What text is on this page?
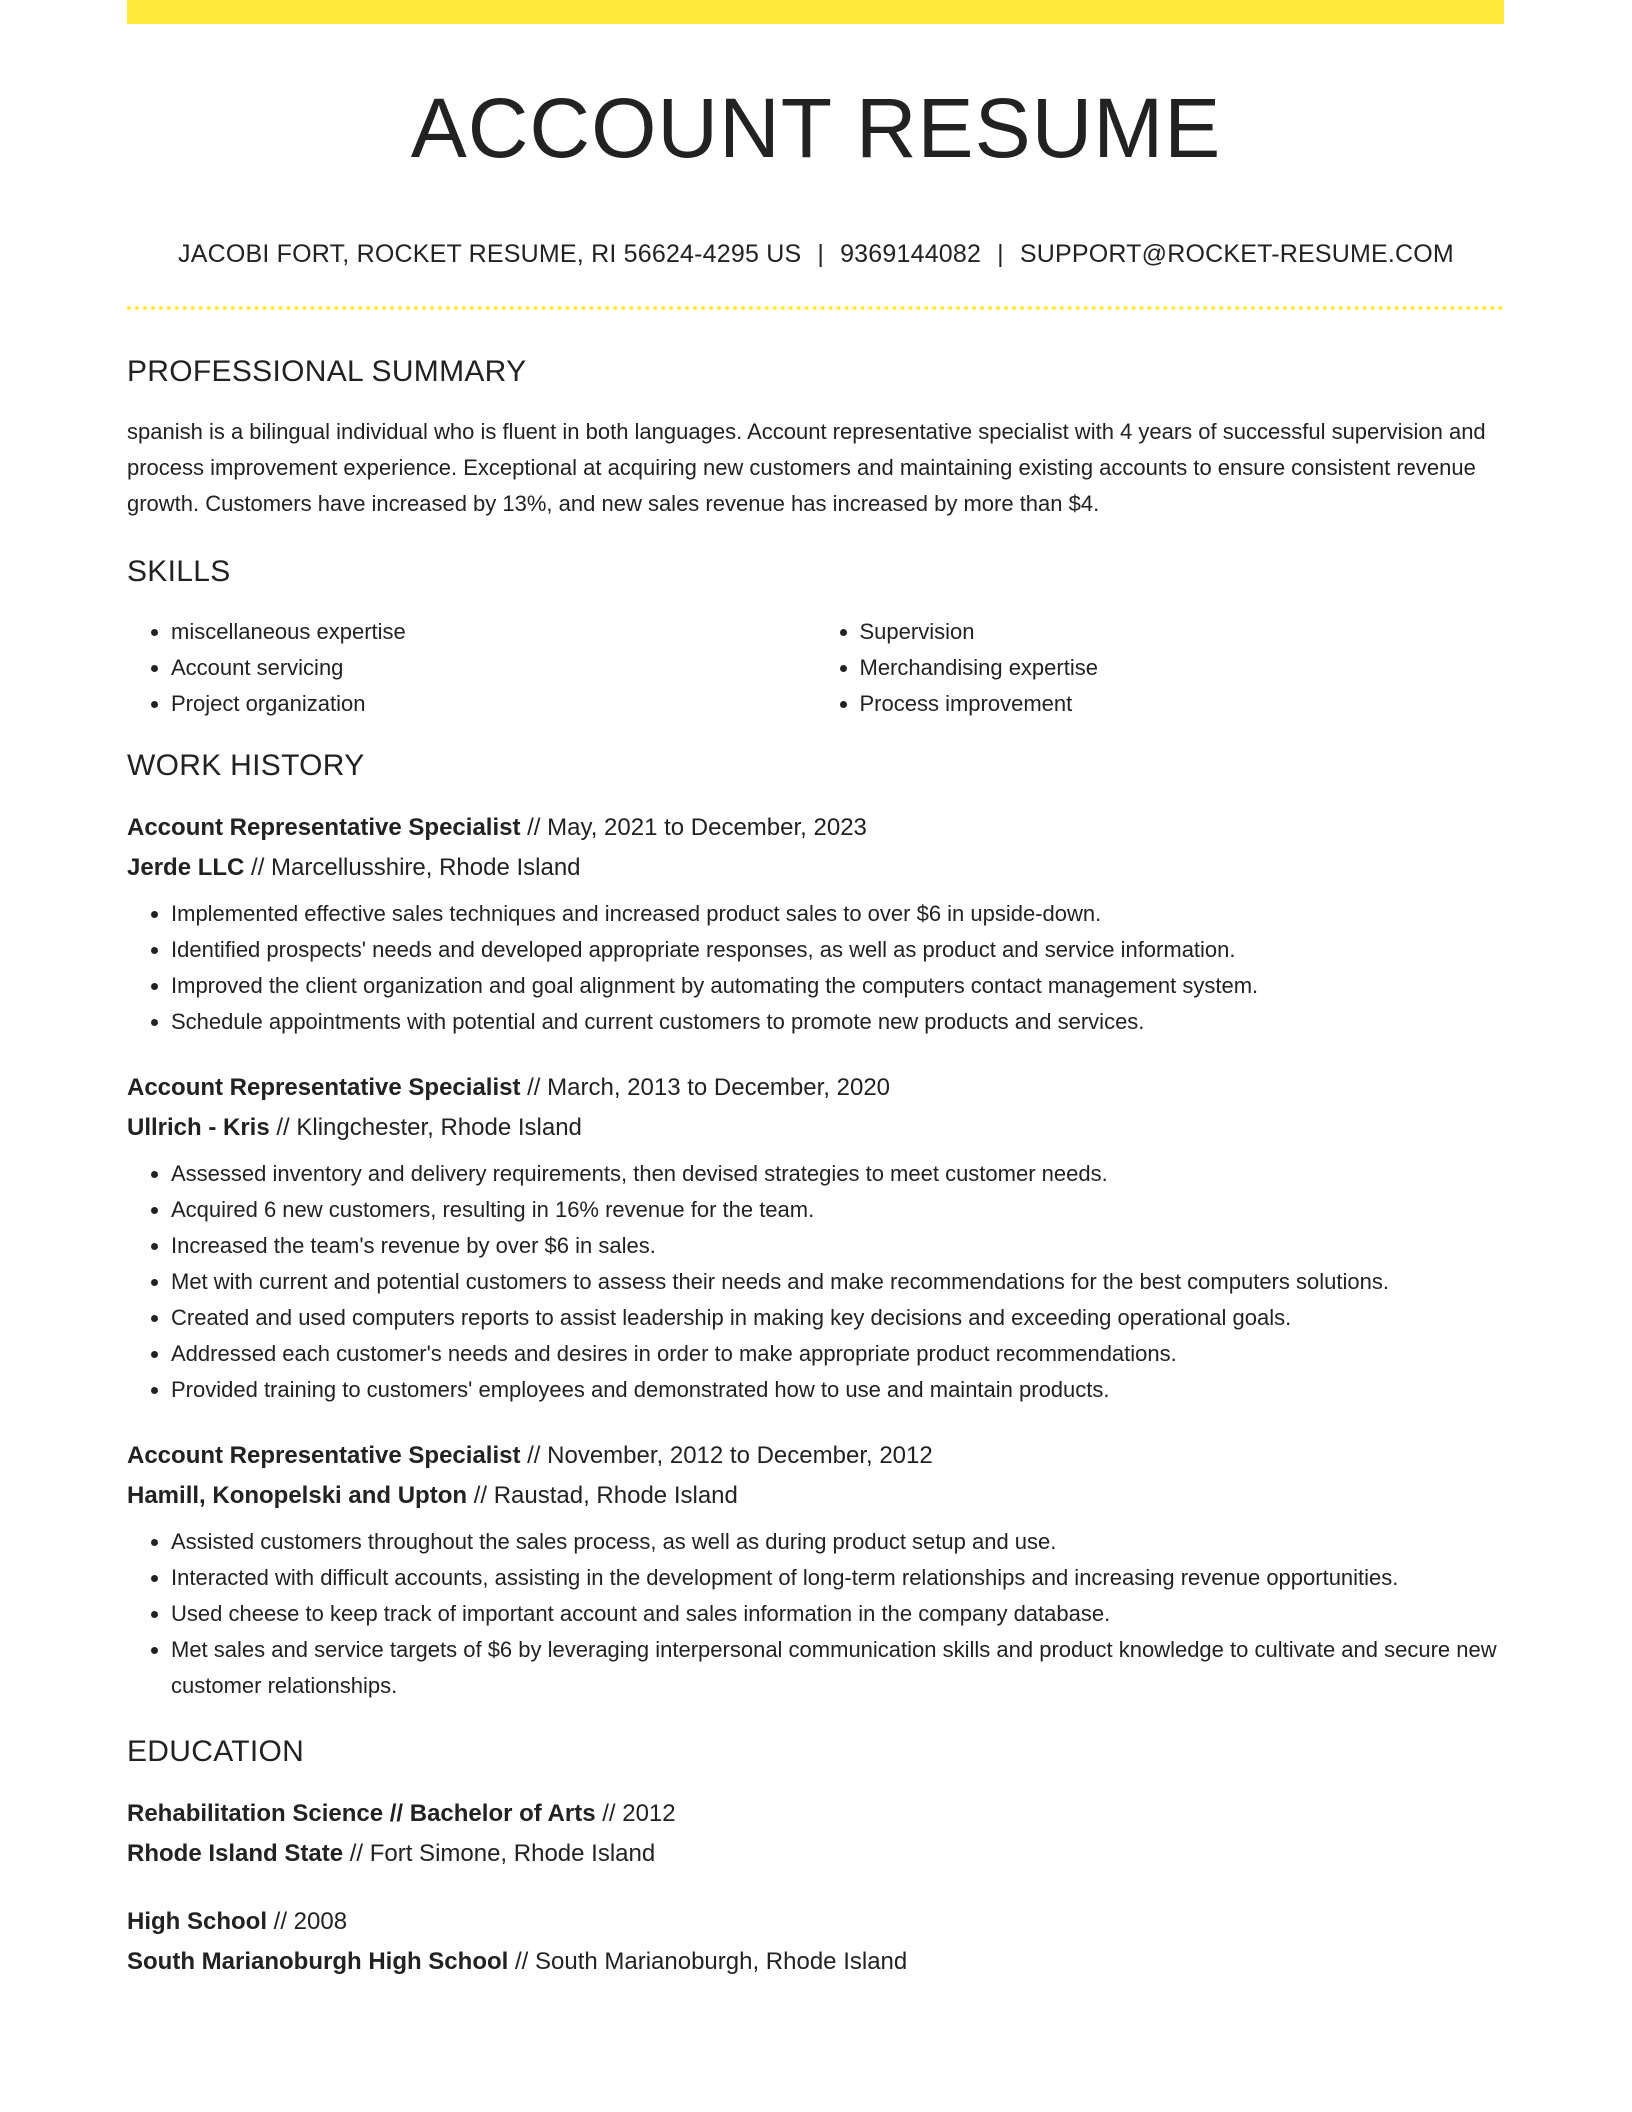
ACCOUNT RESUME
JACOBI FORT, ROCKET RESUME, RI 56624-4295 US | 9369144082 | SUPPORT@ROCKET-RESUME.COM
PROFESSIONAL SUMMARY

spanish is a bilingual individual who is fluent in both languages. Account representative specialist with 4 years of successful supervision and process improvement experience. Exceptional at acquiring new customers and maintaining existing accounts to ensure consistent revenue growth. Customers have increased by 13%, and new sales revenue has increased by more than $4.

SKILLS
• miscellaneous expertise
• Account servicing
• Project organization
• Supervision
• Merchandising expertise
• Process improvement
WORK HISTORY
Account Representative Specialist // May, 2021 to December, 2023
Jerde LLC // Marcellusshire, Rhode Island
• Implemented effective sales techniques and increased product sales to over $6 in upside-down.
• Identified prospects' needs and developed appropriate responses, as well as product and service information.
• Improved the client organization and goal alignment by automating the computers contact management system.
• Schedule appointments with potential and current customers to promote new products and services.
Account Representative Specialist // March, 2013 to December, 2020
Ullrich - Kris // Klingchester, Rhode Island
• Assessed inventory and delivery requirements, then devised strategies to meet customer needs.
• Acquired 6 new customers, resulting in 16% revenue for the team.
• Increased the team's revenue by over $6 in sales.
• Met with current and potential customers to assess their needs and make recommendations for the best computers solutions.
• Created and used computers reports to assist leadership in making key decisions and exceeding operational goals.
• Addressed each customer's needs and desires in order to make appropriate product recommendations.
• Provided training to customers' employees and demonstrated how to use and maintain products.
Account Representative Specialist // November, 2012 to December, 2012
Hamill, Konopelski and Upton // Raustad, Rhode Island
• Assisted customers throughout the sales process, as well as during product setup and use.
• Interacted with difficult accounts, assisting in the development of long-term relationships and increasing revenue opportunities.
• Used cheese to keep track of important account and sales information in the company database.
• Met sales and service targets of $6 by leveraging interpersonal communication skills and product knowledge to cultivate and secure new customer relationships.
EDUCATION
Rehabilitation Science // Bachelor of Arts // 2012
Rhode Island State // Fort Simone, Rhode Island
High School // 2008
South Marianoburgh High School // South Marianoburgh, Rhode Island
